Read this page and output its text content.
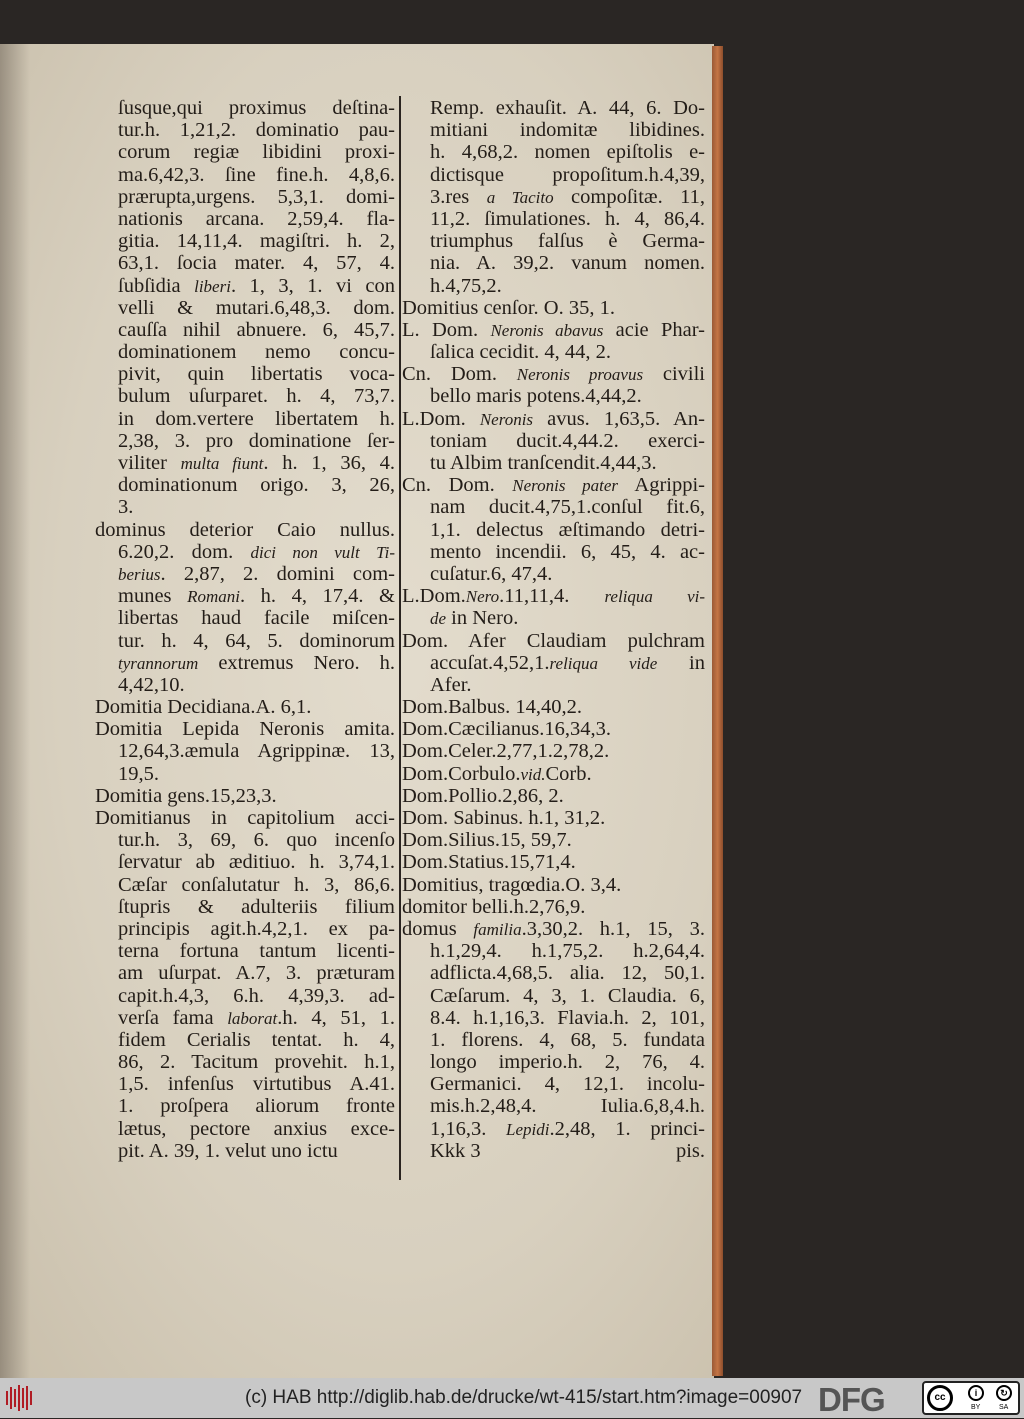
ſusque,qui proximus deſtina-
tur.h. 1,21,2. dominatio pau-
corum regiæ libidini proxi-
ma.6,42,3. ſine fine.h. 4,8,6.
prærupta,urgens. 5,3,1. domi-
nationis arcana. 2,59,4. fla-
gitia. 14,11,4. magiſtri. h. 2,
63,1. ſocia mater. 4, 57, 4.
ſubſidia liberi. 1, 3, 1. vi con
velli & mutari.6,48,3. dom.
cauſſa nihil abnuere. 6, 45,7.
dominationem nemo concu-
pivit, quin libertatis voca-
bulum uſurparet. h. 4, 73,7.
in dom.vertere libertatem h.
2,38, 3. pro dominatione ſer-
viliter multa fiunt. h. 1, 36, 4.
dominationum origo. 3, 26,
3.
dominus deterior Caio nullus.
6.20,2. dom. dici non vult Ti-
berius. 2,87, 2. domini com-
munes Romani. h. 4, 17,4. &
libertas haud facile miſcen-
tur. h. 4, 64, 5. dominorum
tyrannorum extremus Nero. h.
4,42,10.
Domitia Decidiana.A. 6,1.
Domitia Lepida Neronis amita.
12,64,3.æmula Agrippinæ. 13,
19,5.
Domitia gens.15,23,3.
Domitianus in capitolium acci-
tur.h. 3, 69, 6. quo incenſo
ſervatur ab æditiuo. h. 3,74,1.
Cæſar conſalutatur h. 3, 86,6.
ſtupris & adulteriis filium
principis agit.h.4,2,1. ex pa-
terna fortuna tantum licenti-
am uſurpat. A.7, 3. præturam
capit.h.4,3, 6.h. 4,39,3. ad-
verſa fama laborat.h. 4, 51, 1.
fidem Cerialis tentat. h. 4,
86, 2. Tacitum provehit. h.1,
1,5. infenſus virtutibus A.41.
1. proſpera aliorum fronte
lætus, pectore anxius exce-
pit. A. 39, 1. velut uno ictu
Remp. exhauſit. A. 44, 6. Do-
mitiani indomitæ libidines.
h. 4,68,2. nomen epiſtolis e-
dictisque propoſitum.h.4,39,
3.res a Tacito compoſitæ. 11,
11,2. ſimulationes. h. 4, 86,4.
triumphus falſus è Germa-
nia. A. 39,2. vanum nomen.
h.4,75,2.
Domitius cenſor. O. 35, 1.
L. Dom. Neronis abavus acie Phar-
ſalica cecidit. 4, 44, 2.
Cn. Dom. Neronis proavus civili
bello maris potens.4,44,2.
L.Dom. Neronis avus. 1,63,5. An-
toniam ducit.4,44.2. exerci-
tu Albim tranſcendit.4,44,3.
Cn. Dom. Neronis pater Agrippi-
nam ducit.4,75,1.conſul fit.6,
1,1. delectus æſtimando detri-
mento incendii. 6, 45, 4. ac-
cuſatur.6, 47,4.
L.Dom.Nero.11,11,4. reliqua vi-
de in Nero.
Dom. Afer Claudiam pulchram
accuſat.4,52,1.reliqua vide in
Afer.
Dom.Balbus. 14,40,2.
Dom.Cæcilianus.16,34,3.
Dom.Celer.2,77,1.2,78,2.
Dom.Corbulo.vid.Corb.
Dom.Pollio.2,86, 2.
Dom. Sabinus. h.1, 31,2.
Dom.Silius.15, 59,7.
Dom.Statius.15,71,4.
Domitius, tragœdia.O. 3,4.
domitor belli.h.2,76,9.
domus familia.3,30,2. h.1, 15, 3.
h.1,29,4. h.1,75,2. h.2,64,4.
adflicta.4,68,5. alia. 12, 50,1.
Cæſarum. 4, 3, 1. Claudia. 6,
8.4. h.1,16,3. Flavia.h. 2, 101,
1. florens. 4, 68, 5. fundata
longo imperio.h. 2, 76, 4.
Germanici. 4, 12,1. incolu-
mis.h.2,48,4. Iulia.6,8,4.h.
1,16,3. Lepidi.2,48, 1. princi-
Kkk 3	pis.
(c) HAB http://diglib.hab.de/drucke/wt-415/start.htm?image=00907 DFG	cc	i	↻
BY	SA
